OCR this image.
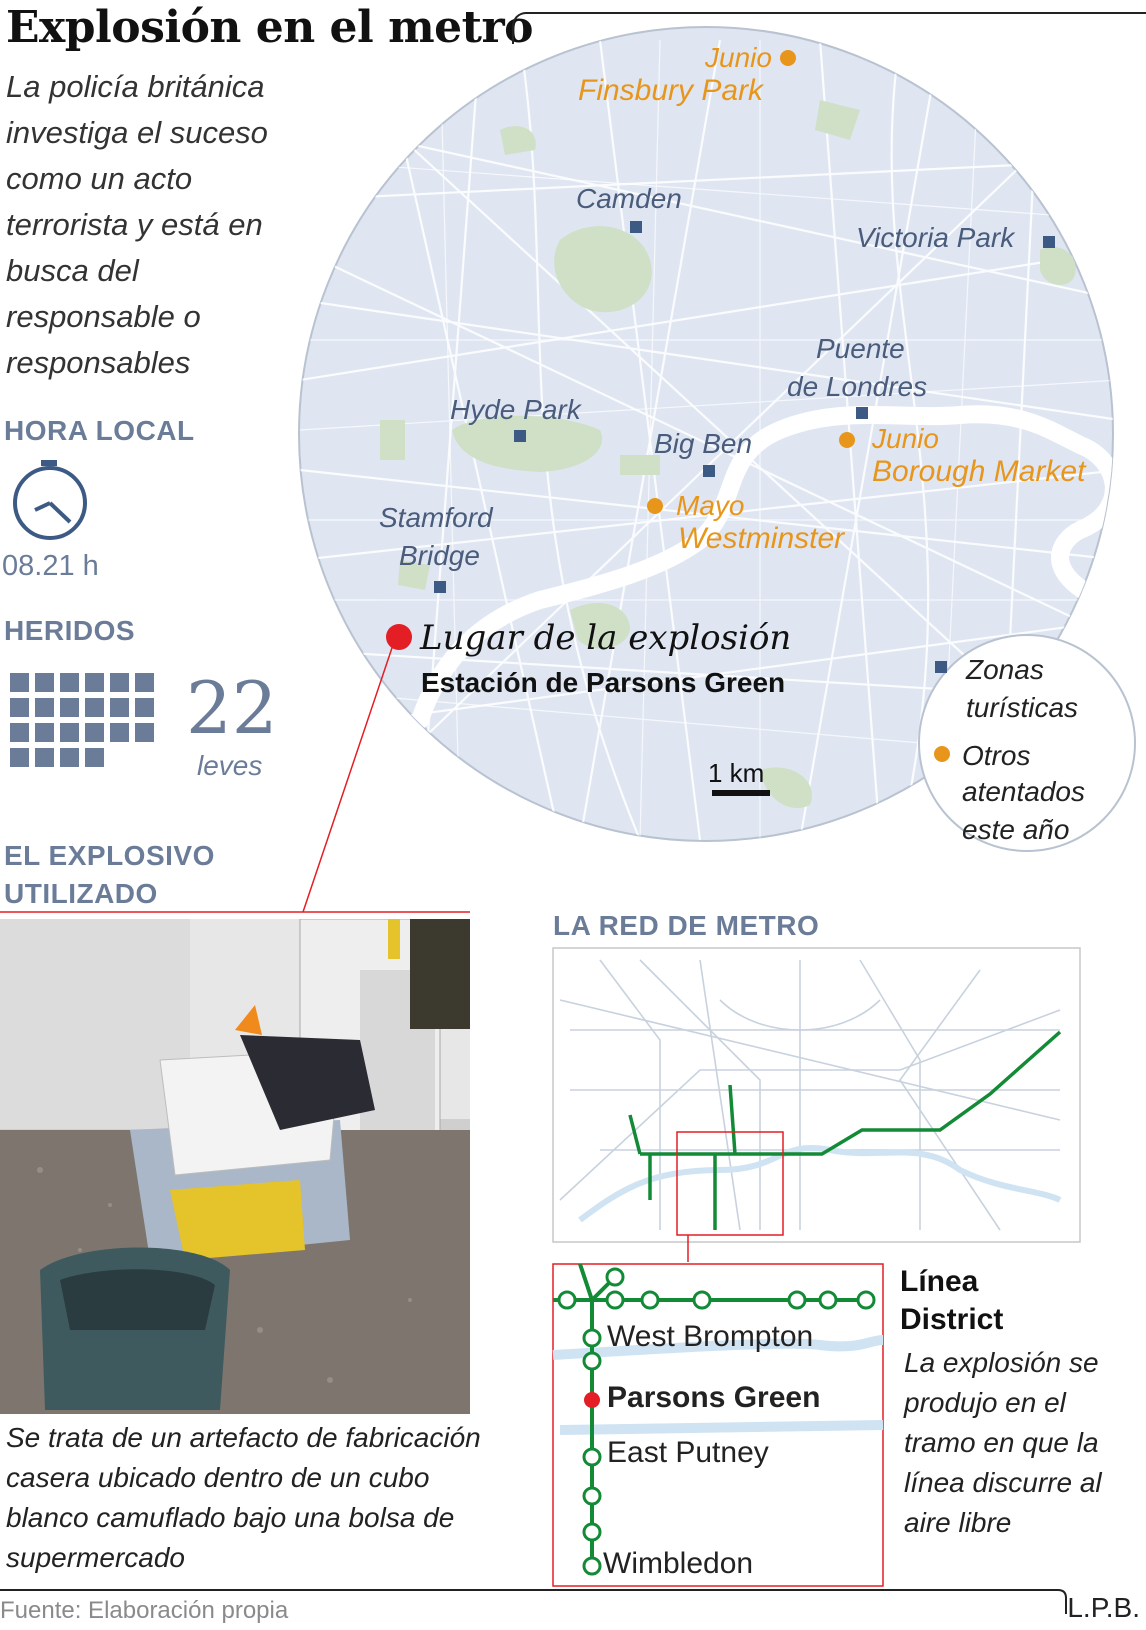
Explosión en el metro
La policía británica investiga el suceso como un acto terrorista y está en busca del responsable o responsables
HORA LOCAL
08.21 h
HERIDOS
22
leves
EL EXPLOSIVO
UTILIZADO
Junio
Finsbury Park
Camden
Victoria Park
Puente
de Londres
Hyde Park
Big Ben	Junio
Borough Market
Mayo
Westminster
Stamford
Bridge
Lugar de la explosión
Estación de Parsons Green
1 km
Zonas
turísticas
Otros
atentados
este año
LA RED DE METRO
Línea
District
La explosión se produjo en el tramo en que la línea discurre al aire libre
West Brompton
Parsons Green
East Putney
Wimbledon
Se trata de un artefacto de fabricación casera ubicado dentro de un cubo blanco camuflado bajo una bolsa de supermercado
Fuente: Elaboración propia	L.P.B.
